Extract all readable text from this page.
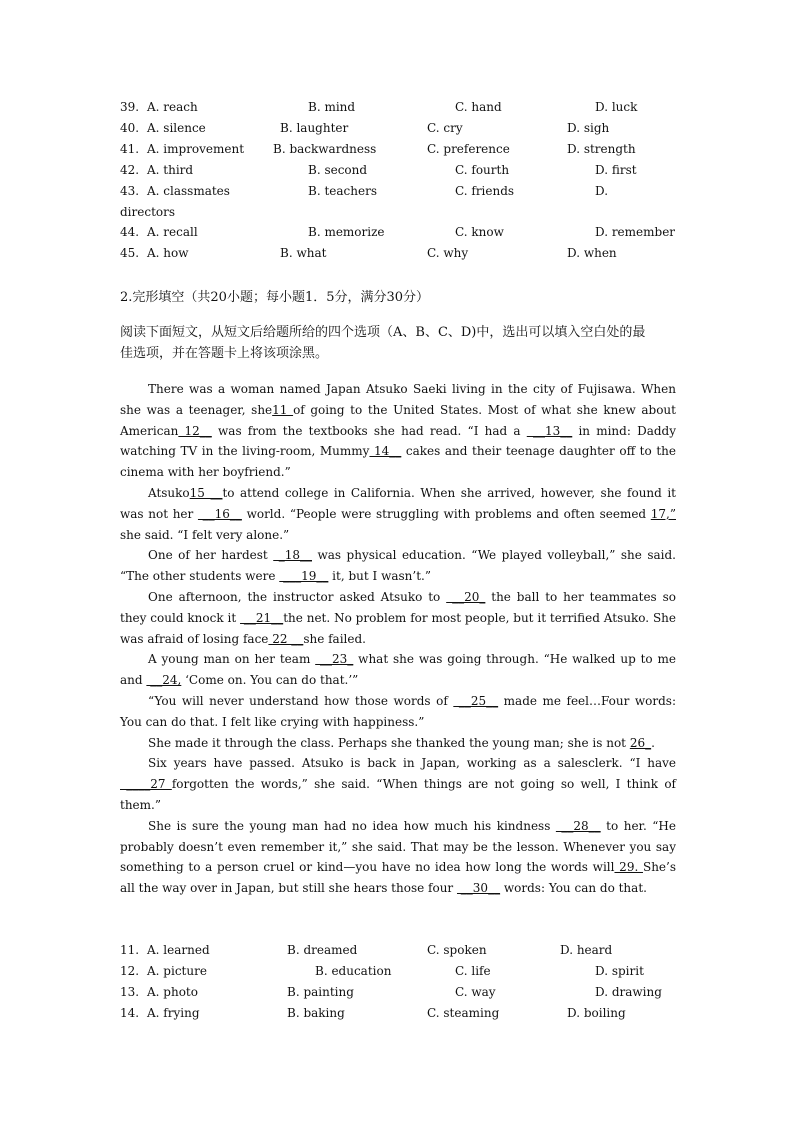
39. A. reach	B. mind	C. hand	D. luck
40. A. silence	B. laughter	C. cry	D. sigh
41. A. improvement B. backwardness	C. preference	D. strength
42. A. third	B. second	C. fourth	D. first
43. A. classmates	B. teachers	C. friends	D.
directors
44. A. recall	B. memorize	C. know	D. remember
45. A. how	B. what	C. why	D. when
2.完形填空（共20小题；每小题1．5分，满分30分）
阅读下面短文，从短文后给题所给的四个选项（A、B、C、D)中，选出可以填入空白处的最
佳选项，并在答题卡上将该项涂黑。

There was a woman named Japan Atsuko Saeki living in the city of Fujisawa. When she was a teenager, she11 of going to the United States. Most of what she knew about American 12__ was from the textbooks she had read. “I had a  __13__ in mind: Daddy watching TV in the living-room, Mummy 14__ cakes and their teenage daughter off to the cinema with her boyfriend.”

Atsuko15 __to attend college in California. When she arrived, however, she found it was not her  __16__ world. “People were struggling with problems and often seemed 17,” she said. “I felt very alone.”

One of her hardest  _18__ was physical education. “We played volleyball,” she said. “The other students were  ___19__ it, but I wasn’t.”

One afternoon, the instructor asked Atsuko to  __20_ the ball to her teammates so they could knock it  __21__the net. No problem for most people, but it terrified Atsuko. She was afraid of losing face 22 __she failed.

A young man on her team  __23_ what she was going through. “He walked up to me and  __24, ‘Come on. You can do that.’”

“You will never understand how those words of  __25__ made me feel…Four words: You can do that. I felt like crying with happiness.”

She made it through the class. Perhaps she thanked the young man; she is not 26_.

Six years have passed. Atsuko is back in Japan, working as a salesclerk. “I have  ____27 forgotten the words,” she said. “When things are not going so well, I think of them.”

She is sure the young man had no idea how much his kindness  __28__ to her. “He probably doesn’t even remember it,” she said. That may be the lesson. Whenever you say something to a person cruel or kind—you have no idea how long the words will 29. She’s all the way over in Japan, but still she hears those four  __30__ words: You can do that.

11. A. learned	B. dreamed	C. spoken	D. heard
12. A. picture	B. education	C. life	D. spirit
13. A. photo	B. painting	C. way	D. drawing
14. A. frying	B. baking	C. steaming	D. boiling
